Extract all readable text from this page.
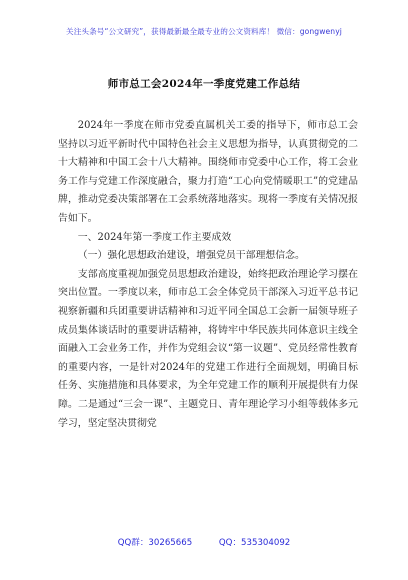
关注头条号“公文研究”，获得最新最全最专业的公文资料库！ 微信：gongwenyj
师市总工会2024年一季度党建工作总结

2024年一季度在师市党委直属机关工委的指导下，师市总工会坚持以习近平新时代中国特色社会主义思想为指导，认真贯彻党的二十大精神和中国工会十八大精神。围绕师市党委中心工作，将工会业务工作与党建工作深度融合，聚力打造“工心向党情暖职工”的党建品牌，推动党委决策部署在工会系统落地落实。现将一季度有关情况报告如下。

一、2024年第一季度工作主要成效

（一）强化思想政治建设，增强党员干部理想信念。

支部高度重视加强党员思想政治建设，始终把政治理论学习摆在突出位置。一季度以来，师市总工会全体党员干部深入习近平总书记视察新疆和兵团重要讲话精神和习近平同全国总工会新一届领导班子成员集体谈话时的重要讲话精神，将铸牢中华民族共同体意识主线全面融入工会业务工作，并作为党组会议“第一议题”、党员经常性教育的重要内容，一是针对2024年的党建工作进行全面规划，明确目标任务、实施措施和具体要求，为全年党建工作的顺利开展提供有力保障。二是通过“三会一课”、主题党日、青年理论学习小组等载体多元学习，坚定坚决贯彻党

QQ群：30265665	QQ：535304092
